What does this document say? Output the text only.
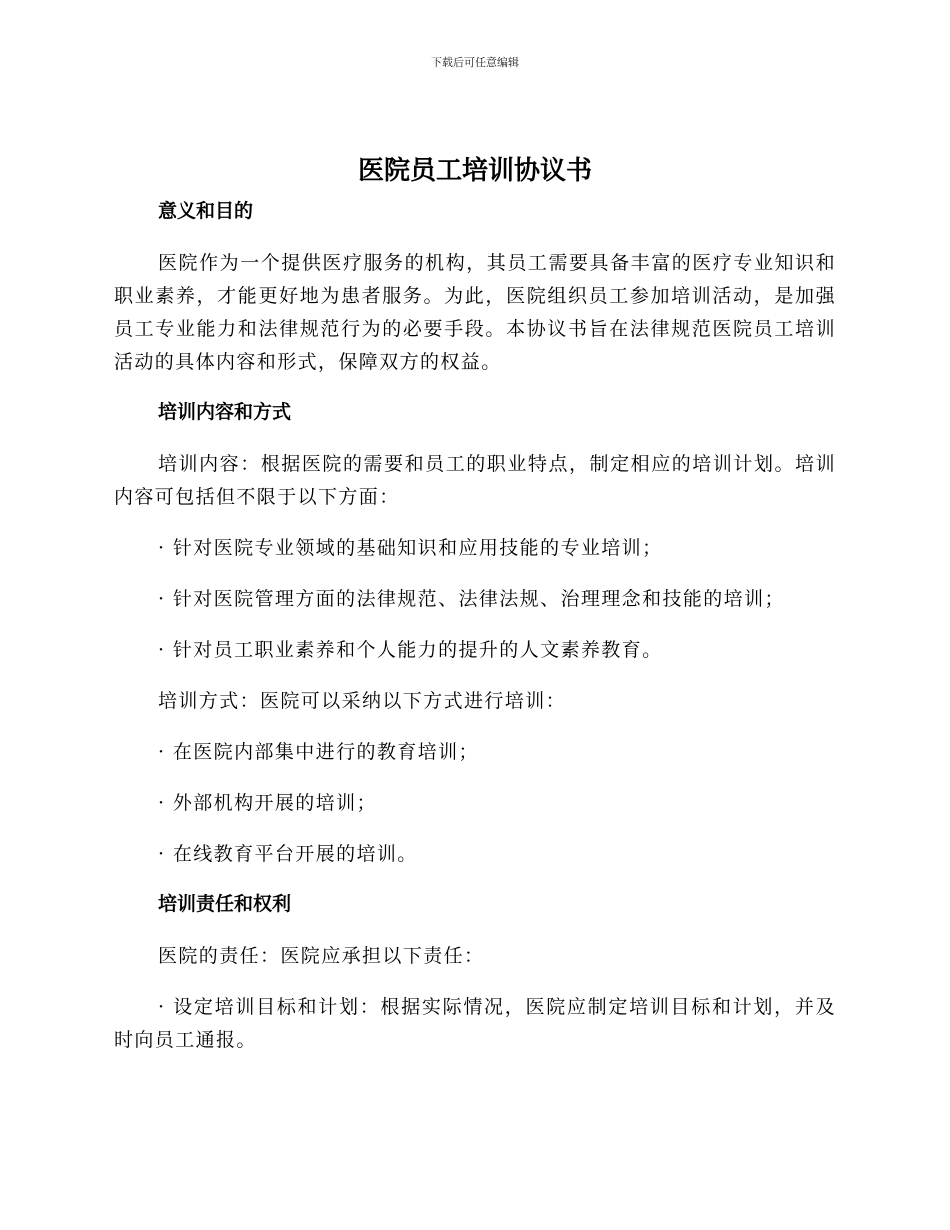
下载后可任意编辑
医院员工培训协议书
意义和目的
医院作为一个提供医疗服务的机构，其员工需要具备丰富的医疗专业知识和职业素养，才能更好地为患者服务。为此，医院组织员工参加培训活动，是加强员工专业能力和法律规范行为的必要手段。本协议书旨在法律规范医院员工培训活动的具体内容和形式，保障双方的权益。
培训内容和方式
培训内容：根据医院的需要和员工的职业特点，制定相应的培训计划。培训内容可包括但不限于以下方面：
· 针对医院专业领域的基础知识和应用技能的专业培训；
· 针对医院管理方面的法律规范、法律法规、治理理念和技能的培训；
· 针对员工职业素养和个人能力的提升的人文素养教育。
培训方式：医院可以采纳以下方式进行培训：
· 在医院内部集中进行的教育培训；
· 外部机构开展的培训；
· 在线教育平台开展的培训。
培训责任和权利
医院的责任：医院应承担以下责任：
· 设定培训目标和计划：根据实际情况，医院应制定培训目标和计划，并及时向员工通报。
